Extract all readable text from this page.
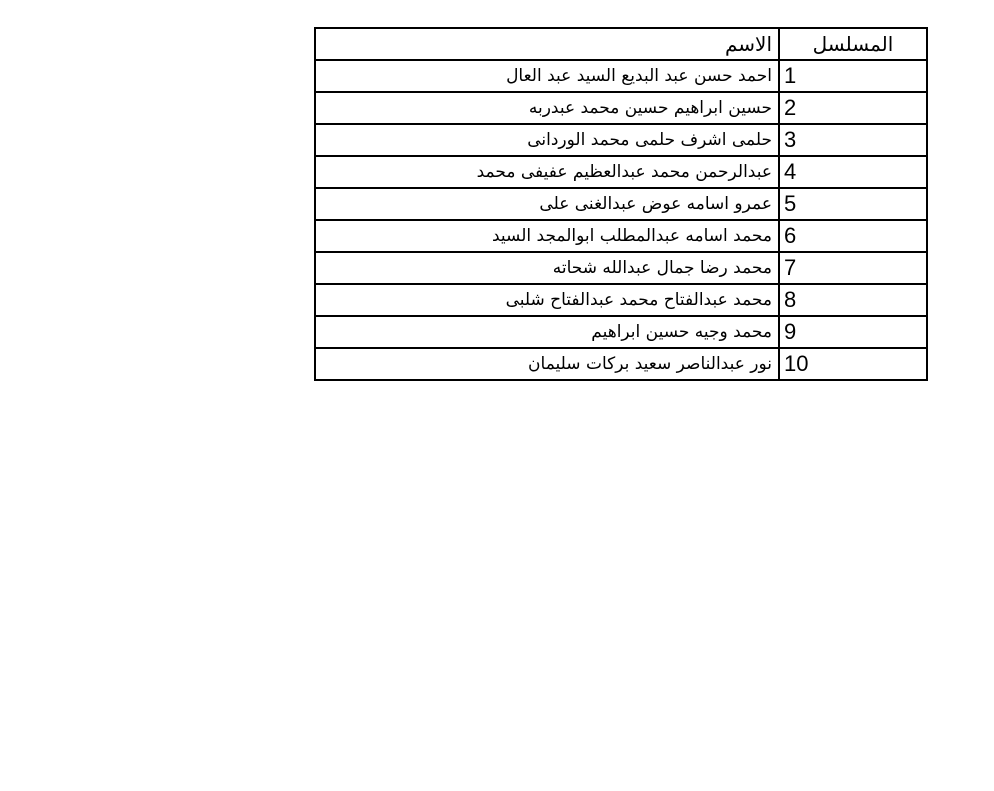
المسلسل	الاسم
1	احمد حسن عبد البديع السيد عبد العال
2	حسين ابراهيم حسين محمد عبدربه
3	حلمى اشرف حلمى محمد الوردانى
4	عبدالرحمن محمد عبدالعظيم عفيفى محمد
5	عمرو اسامه عوض عبدالغنى على
6	محمد اسامه عبدالمطلب ابوالمجد السيد
7	محمد رضا جمال عبدالله شحاته
8	محمد عبدالفتاح محمد عبدالفتاح شلبى
9	محمد وجيه حسين ابراهيم
10	نور عبدالناصر سعيد بركات سليمان
